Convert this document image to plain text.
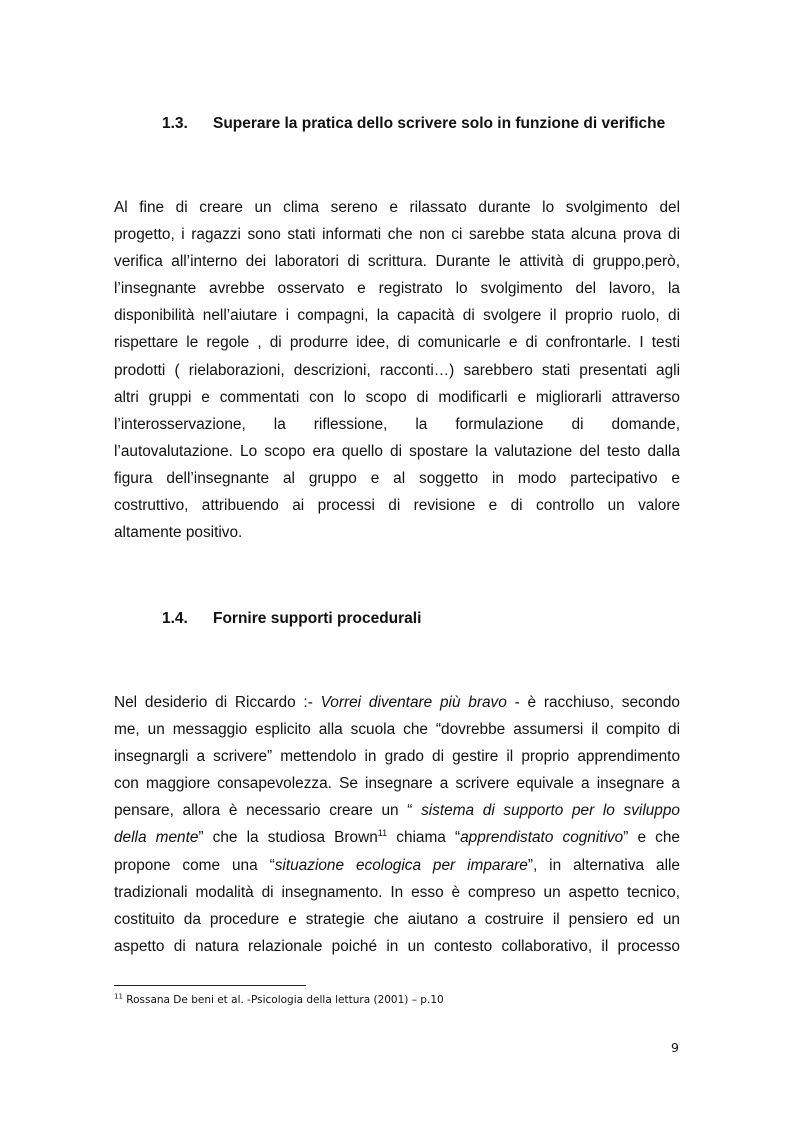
1.3. Superare la pratica dello scrivere solo in funzione di verifiche
Al fine di creare un clima sereno e rilassato durante lo svolgimento del
progetto, i ragazzi sono stati informati che non ci sarebbe stata alcuna prova di
verifica all’interno dei laboratori di scrittura. Durante le attività di gruppo,però,
l’insegnante avrebbe osservato e registrato lo svolgimento del lavoro, la
disponibilità nell’aiutare i compagni, la capacità di svolgere il proprio ruolo, di
rispettare le regole , di produrre idee, di comunicarle e di confrontarle. I testi
prodotti ( rielaborazioni, descrizioni, racconti…) sarebbero stati presentati agli
altri gruppi e commentati con lo scopo di modificarli e migliorarli attraverso
l’interosservazione, la riflessione, la formulazione di domande,
l’autovalutazione. Lo scopo era quello di spostare la valutazione del testo dalla
figura dell’insegnante al gruppo e al soggetto in modo partecipativo e
costruttivo, attribuendo ai processi di revisione e di controllo un valore
altamente positivo.
1.4. Fornire supporti procedurali
Nel desiderio di Riccardo :- Vorrei diventare più bravo - è racchiuso, secondo
me, un messaggio esplicito alla scuola che “dovrebbe assumersi il compito di
insegnargli a scrivere” mettendolo in grado di gestire il proprio apprendimento
con maggiore consapevolezza. Se insegnare a scrivere equivale a insegnare a
pensare, allora è necessario creare un “ sistema di supporto per lo sviluppo
della mente” che la studiosa Brown$^{11}$ chiama “apprendistato cognitivo” e che
propone come una “situazione ecologica per imparare”, in alternativa alle
tradizionali modalità di insegnamento. In esso è compreso un aspetto tecnico,
costituito da procedure e strategie che aiutano a costruire il pensiero ed un
aspetto di natura relazionale poiché in un contesto collaborativo, il processo
$^{11}$ Rossana De beni et al. -Psicologia della lettura (2001) – p.10
9
